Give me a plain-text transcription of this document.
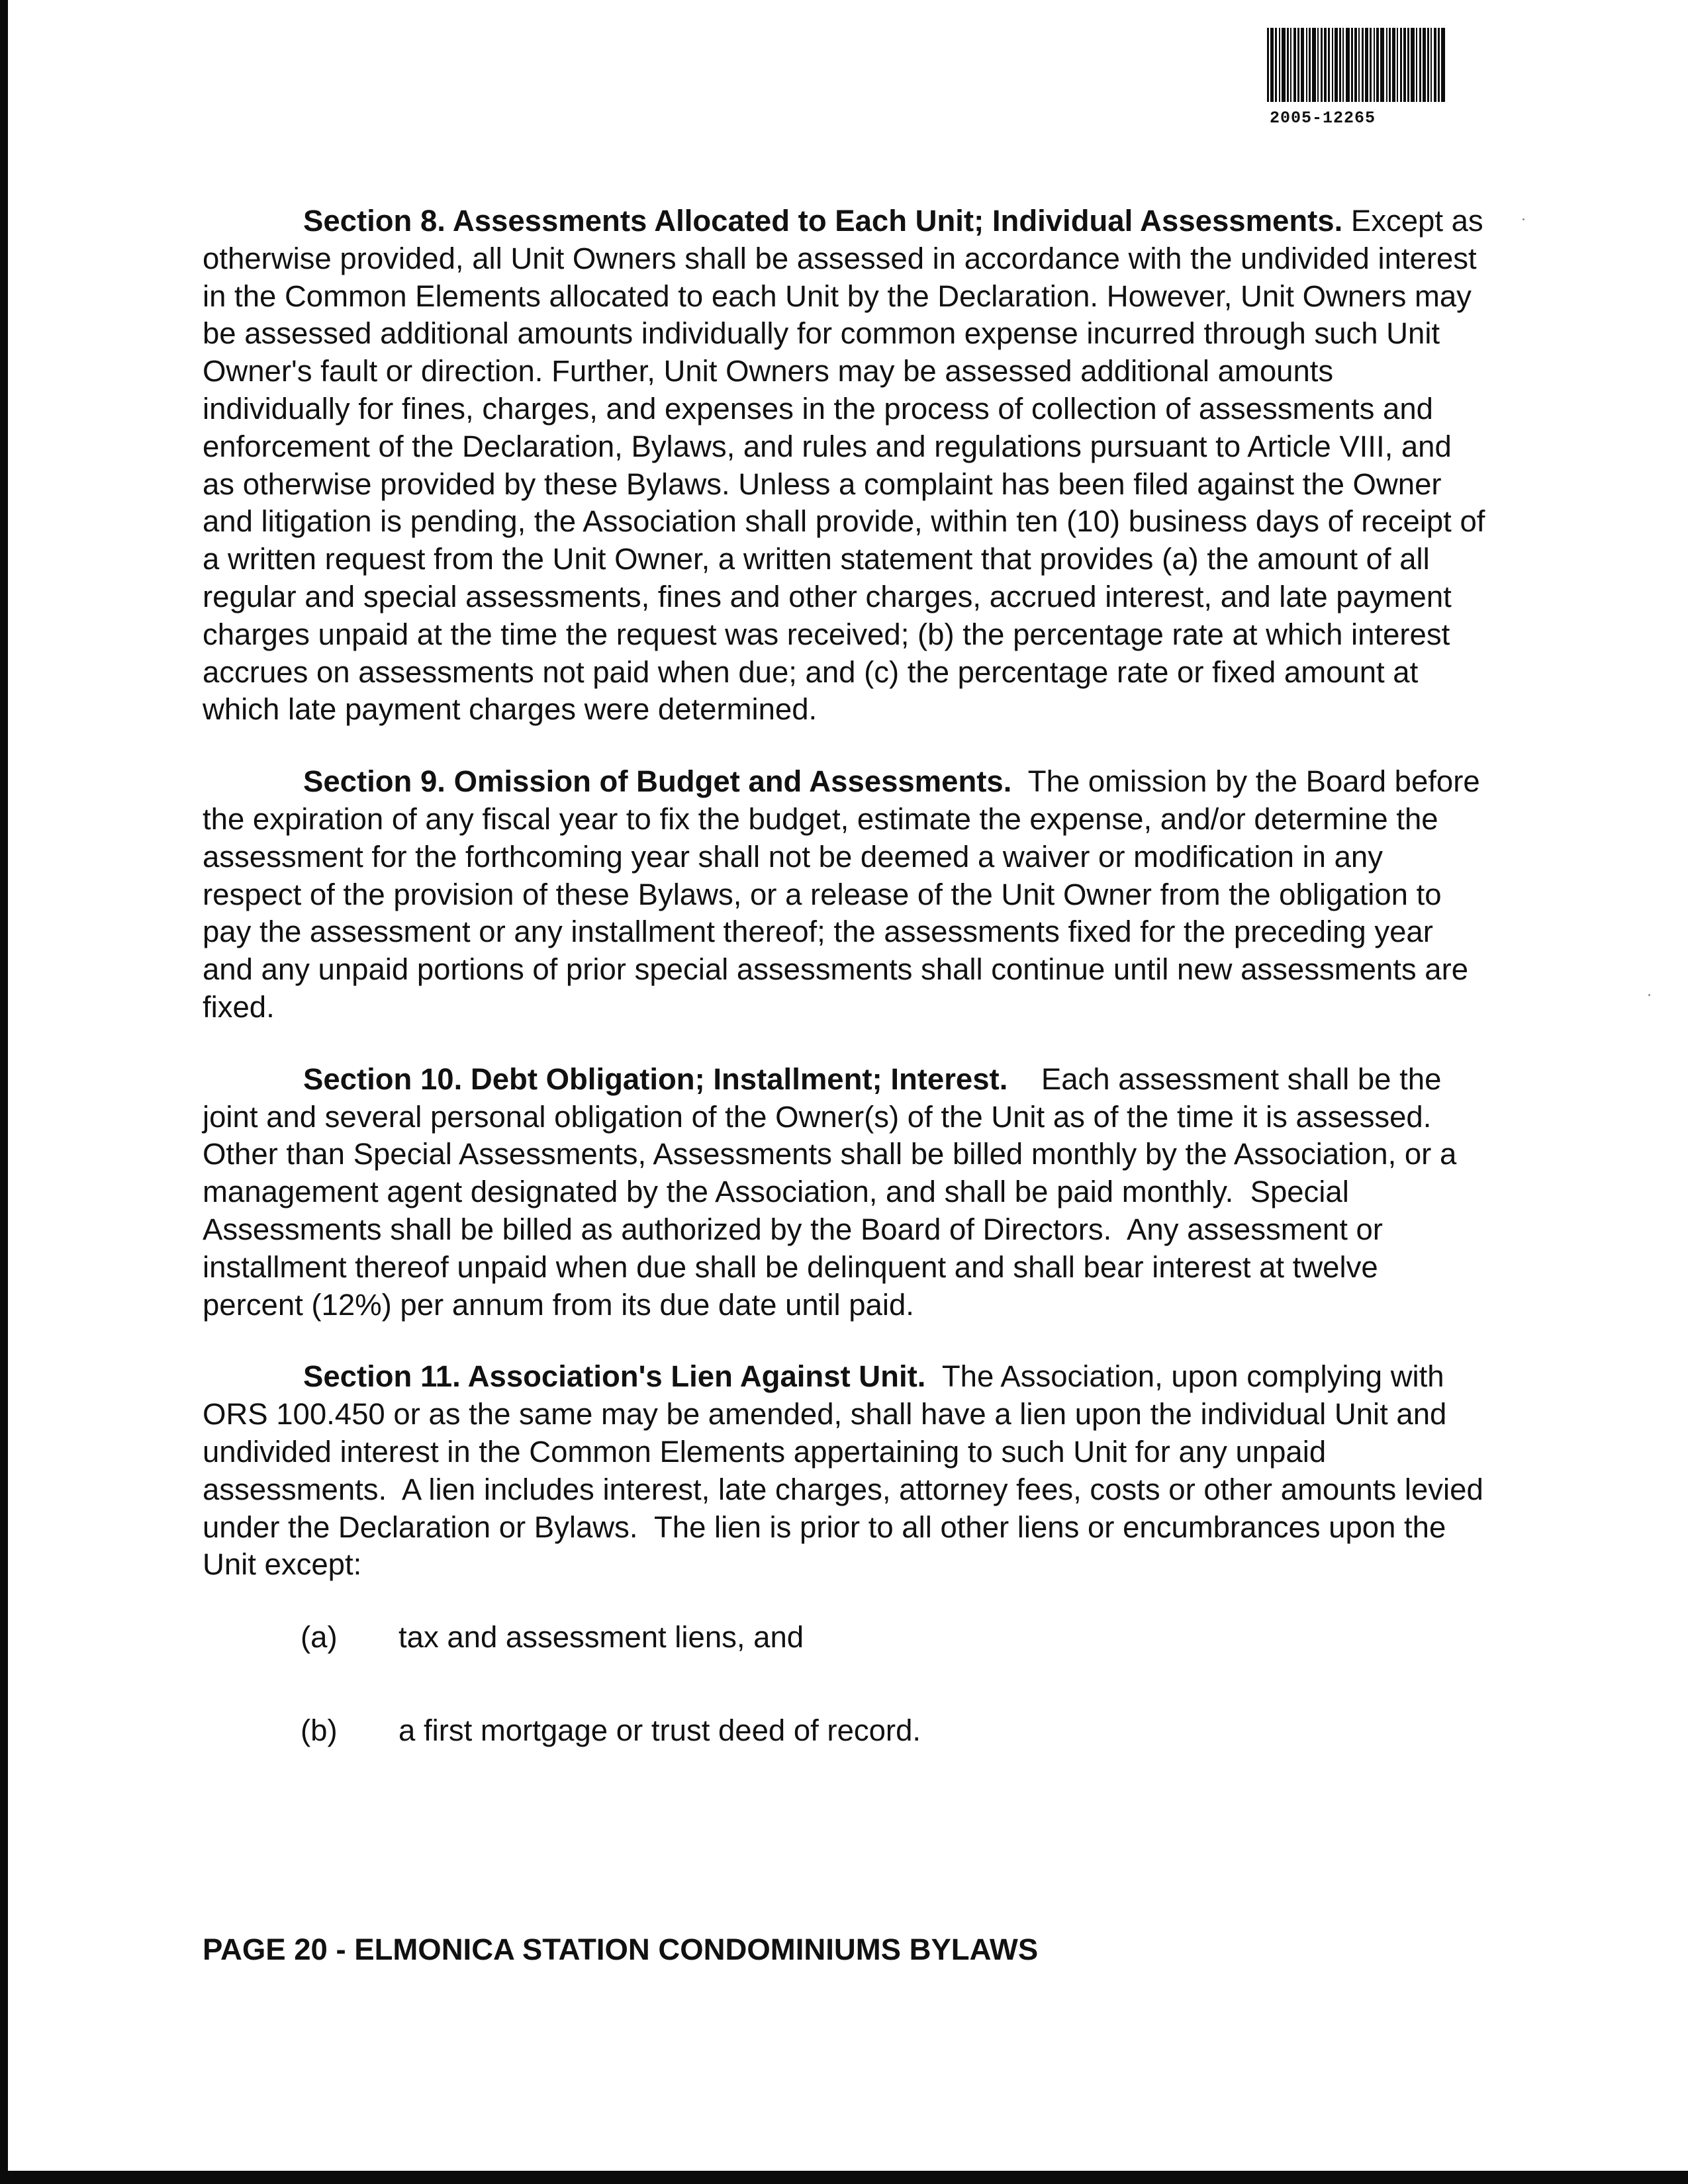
2005-12265

Section 8. Assessments Allocated to Each Unit; Individual Assessments. Except as otherwise provided, all Unit Owners shall be assessed in accordance with the undivided interest in the Common Elements allocated to each Unit by the Declaration. However, Unit Owners may be assessed additional amounts individually for common expense incurred through such Unit Owner's fault or direction. Further, Unit Owners may be assessed additional amounts individually for fines, charges, and expenses in the process of collection of assessments and enforcement of the Declaration, Bylaws, and rules and regulations pursuant to Article VIII, and as otherwise provided by these Bylaws. Unless a complaint has been filed against the Owner and litigation is pending, the Association shall provide, within ten (10) business days of receipt of a written request from the Unit Owner, a written statement that provides (a) the amount of all regular and special assessments, fines and other charges, accrued interest, and late payment charges unpaid at the time the request was received; (b) the percentage rate at which interest accrues on assessments not paid when due; and (c) the percentage rate or fixed amount at which late payment charges were determined.

Section 9. Omission of Budget and Assessments.  The omission by the Board before the expiration of any fiscal year to fix the budget, estimate the expense, and/or determine the assessment for the forthcoming year shall not be deemed a waiver or modification in any respect of the provision of these Bylaws, or a release of the Unit Owner from the obligation to pay the assessment or any installment thereof; the assessments fixed for the preceding year and any unpaid portions of prior special assessments shall continue until new assessments are fixed.

Section 10. Debt Obligation; Installment; Interest.    Each assessment shall be the joint and several personal obligation of the Owner(s) of the Unit as of the time it is assessed.  Other than Special Assessments, Assessments shall be billed monthly by the Association, or a management agent designated by the Association, and shall be paid monthly.  Special Assessments shall be billed as authorized by the Board of Directors.  Any assessment or installment thereof unpaid when due shall be delinquent and shall bear interest at twelve percent (12%) per annum from its due date until paid.

Section 11. Association's Lien Against Unit.  The Association, upon complying with ORS 100.450 or as the same may be amended, shall have a lien upon the individual Unit and undivided interest in the Common Elements appertaining to such Unit for any unpaid assessments.  A lien includes interest, late charges, attorney fees, costs or other amounts levied under the Declaration or Bylaws.  The lien is prior to all other liens or encumbrances upon the Unit except:

(a)	tax and assessment liens, and
(b)	a first mortgage or trust deed of record.
PAGE 20 - ELMONICA STATION CONDOMINIUMS BYLAWS
